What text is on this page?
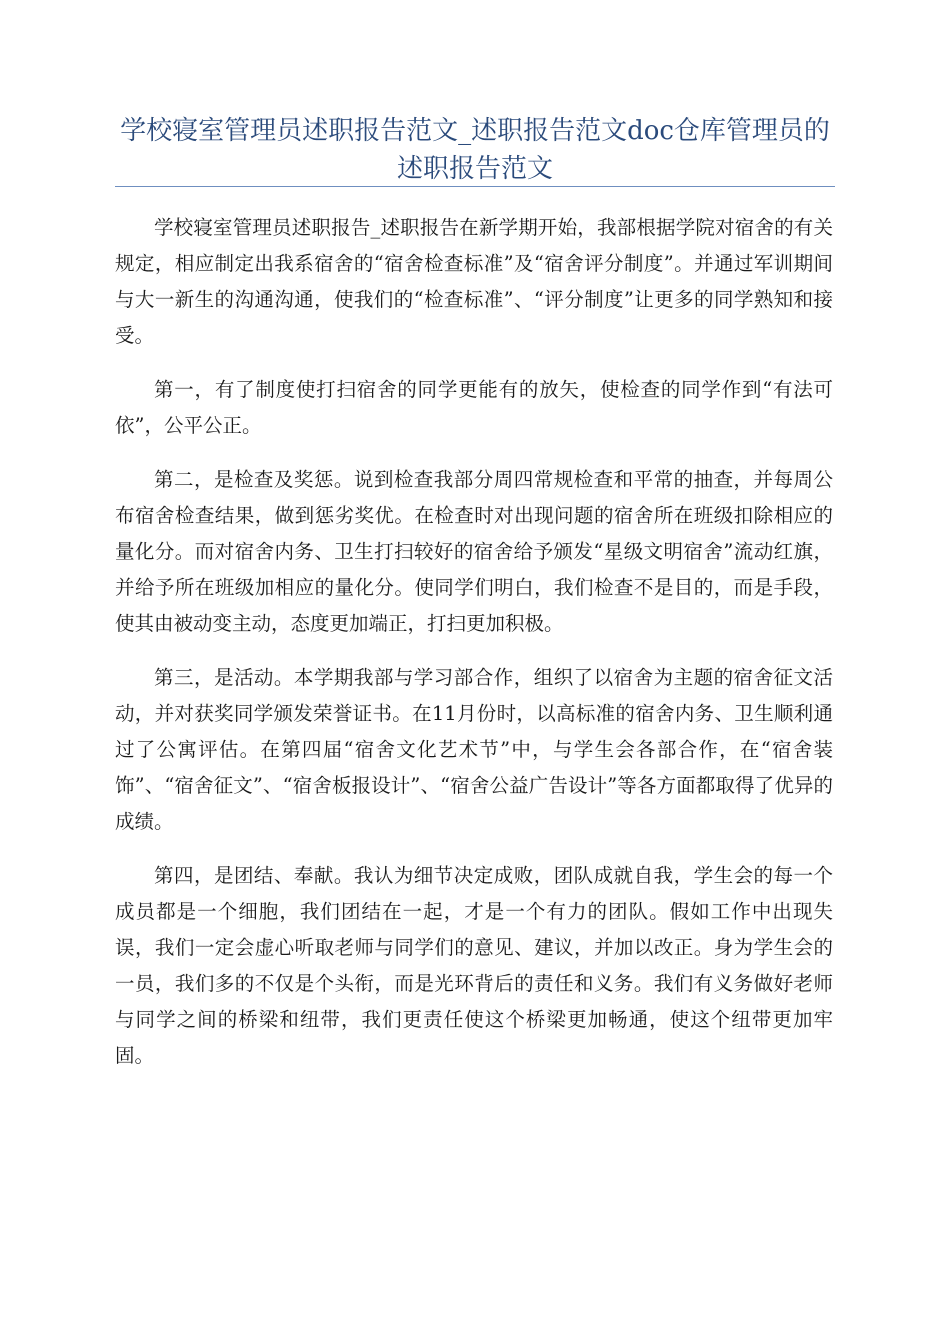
学校寝室管理员述职报告范文_述职报告范文doc仓库管理员的述职报告范文

学校寝室管理员述职报告_述职报告在新学期开始，我部根据学院对宿舍的有关规定，相应制定出我系宿舍的“宿舍检查标准”及“宿舍评分制度”。并通过军训期间与大一新生的沟通沟通，使我们的“检查标准”、“评分制度”让更多的同学熟知和接受。

第一，有了制度使打扫宿舍的同学更能有的放矢，使检查的同学作到“有法可依”，公平公正。

第二，是检查及奖惩。说到检查我部分周四常规检查和平常的抽查，并每周公布宿舍检查结果，做到惩劣奖优。在检查时对出现问题的宿舍所在班级扣除相应的量化分。而对宿舍内务、卫生打扫较好的宿舍给予颁发“星级文明宿舍”流动红旗，并给予所在班级加相应的量化分。使同学们明白，我们检查不是目的，而是手段，使其由被动变主动，态度更加端正，打扫更加积极。

第三，是活动。本学期我部与学习部合作，组织了以宿舍为主题的宿舍征文活动，并对获奖同学颁发荣誉证书。在11月份时，以高标准的宿舍内务、卫生顺利通过了公寓评估。在第四届“宿舍文化艺术节”中，与学生会各部合作，在“宿舍装饰”、“宿舍征文”、“宿舍板报设计”、“宿舍公益广告设计”等各方面都取得了优异的成绩。

第四，是团结、奉献。我认为细节决定成败，团队成就自我，学生会的每一个成员都是一个细胞，我们团结在一起，才是一个有力的团队。假如工作中出现失误，我们一定会虚心听取老师与同学们的意见、建议，并加以改正。身为学生会的一员，我们多的不仅是个头衔，而是光环背后的责任和义务。我们有义务做好老师与同学之间的桥梁和纽带，我们更责任使这个桥梁更加畅通，使这个纽带更加牢固。
